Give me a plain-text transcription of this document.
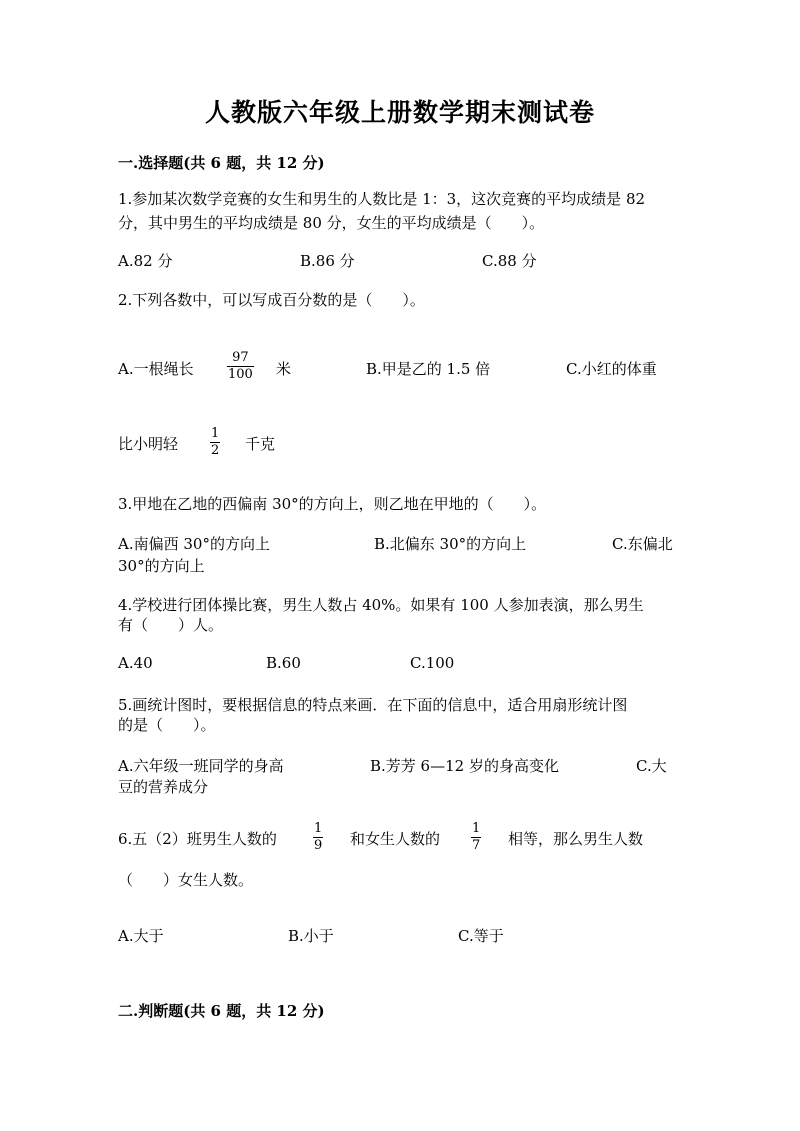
人教版六年级上册数学期末测试卷
一.选择题(共 6 题，共 12 分)
1.参加某次数学竞赛的女生和男生的人数比是 1：3，这次竞赛的平均成绩是 82
分，其中男生的平均成绩是 80 分，女生的平均成绩是（　　）。
A.82 分	B.86 分	C.88 分
2.下列各数中，可以写成百分数的是（　　）。
A.一根绳长
97
100 米	B.甲是乙的 1.5 倍	C.小红的体重
比小明轻
1
2 千克
3.甲地在乙地的西偏南 30°的方向上，则乙地在甲地的（　　）。
A.南偏西 30°的方向上	B.北偏东 30°的方向上	C.东偏北
30°的方向上
4.学校进行团体操比赛，男生人数占 40%。如果有 100 人参加表演，那么男生
有（　　）人。
A.40	B.60	C.100
5.画统计图时，要根据信息的特点来画．在下面的信息中，适合用扇形统计图
的是（　　）。
A.六年级一班同学的身高	B.芳芳 6—12 岁的身高变化	C.大
豆的营养成分
6.五（2）班男生人数的
1
9 和女生人数的
1
7 相等，那么男生人数
（　　）女生人数。
A.大于	B.小于	C.等于
二.判断题(共 6 题，共 12 分)
